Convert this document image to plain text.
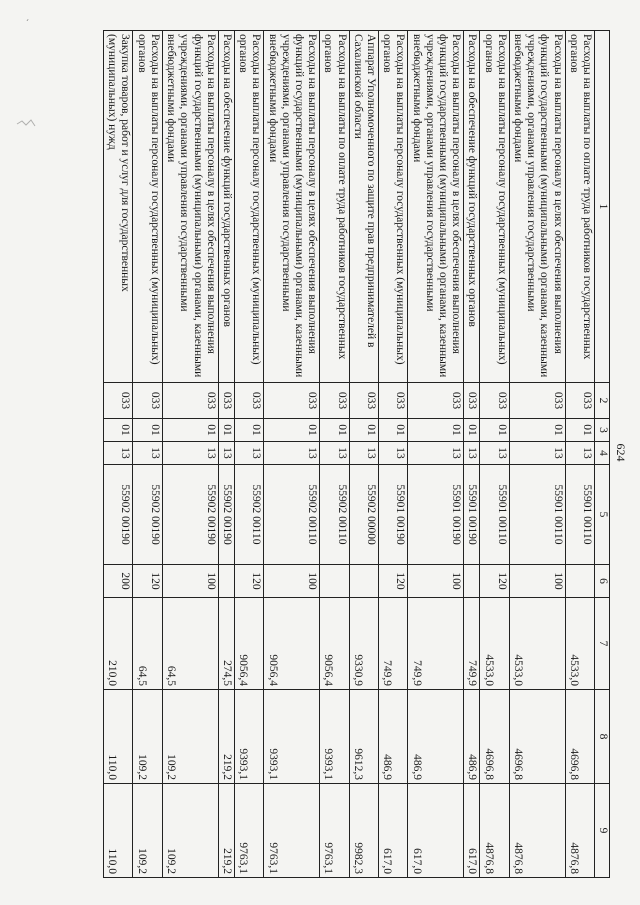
ˊ
624
1	2	3	4	5	6	7	8	9
Расходы на выплаты по оплате труда работников государственных органов	033	01	13	55901 00110		4533,0	4696,8	4876,8
Расходы на выплаты персоналу в целях обеспечения выполнения функций государственными (муниципальными) органами, казенными учреждениями, органами управления государственными внебюджетными фондами	033	01	13	55901 00110	100	4533,0	4696,8	4876,8
Расходы на выплаты персоналу государственных (муниципальных) органов	033	01	13	55901 00110	120	4533,0	4696,8	4876,8
Расходы на обеспечение функций государственных органов	033	01	13	55901 00190		749,9	486,9	617,0
Расходы на выплаты персоналу в целях обеспечения выполнения функций государственными (муниципальными) органами, казенными учреждениями, органами управления государственными внебюджетными фондами	033	01	13	55901 00190	100	749,9	486,9	617,0
Расходы на выплаты персоналу государственных (муниципальных) органов	033	01	13	55901 00190	120	749,9	486,9	617,0
Аппарат Уполномоченного по защите прав предпринимателей в Сахалинской области	033	01	13	55902 00000		9330,9	9612,3	9982,3
Расходы на выплаты по оплате труда работников государственных органов	033	01	13	55902 00110		9056,4	9393,1	9763,1
Расходы на выплаты персоналу в целях обеспечения выполнения функций государственными (муниципальными) органами, казенными учреждениями, органами управления государственными внебюджетными фондами	033	01	13	55902 00110	100	9056,4	9393,1	9763,1
Расходы на выплаты персоналу государственных (муниципальных) органов	033	01	13	55902 00110	120	9056,4	9393,1	9763,1
Расходы на обеспечение функций государственных органов	033	01	13	55902 00190		274,5	219,2	219,2
Расходы на выплаты персоналу в целях обеспечения выполнения функций государственными (муниципальными) органами, казенными учреждениями, органами управления государственными внебюджетными фондами	033	01	13	55902 00190	100	64,5	109,2	109,2
Расходы на выплаты персоналу государственных (муниципальных) органов	033	01	13	55902 00190	120	64,5	109,2	109,2
Закупка товаров, работ и услуг для государственных (муниципальных) нужд	033	01	13	55902 00190	200	210,0	110,0	110,0
